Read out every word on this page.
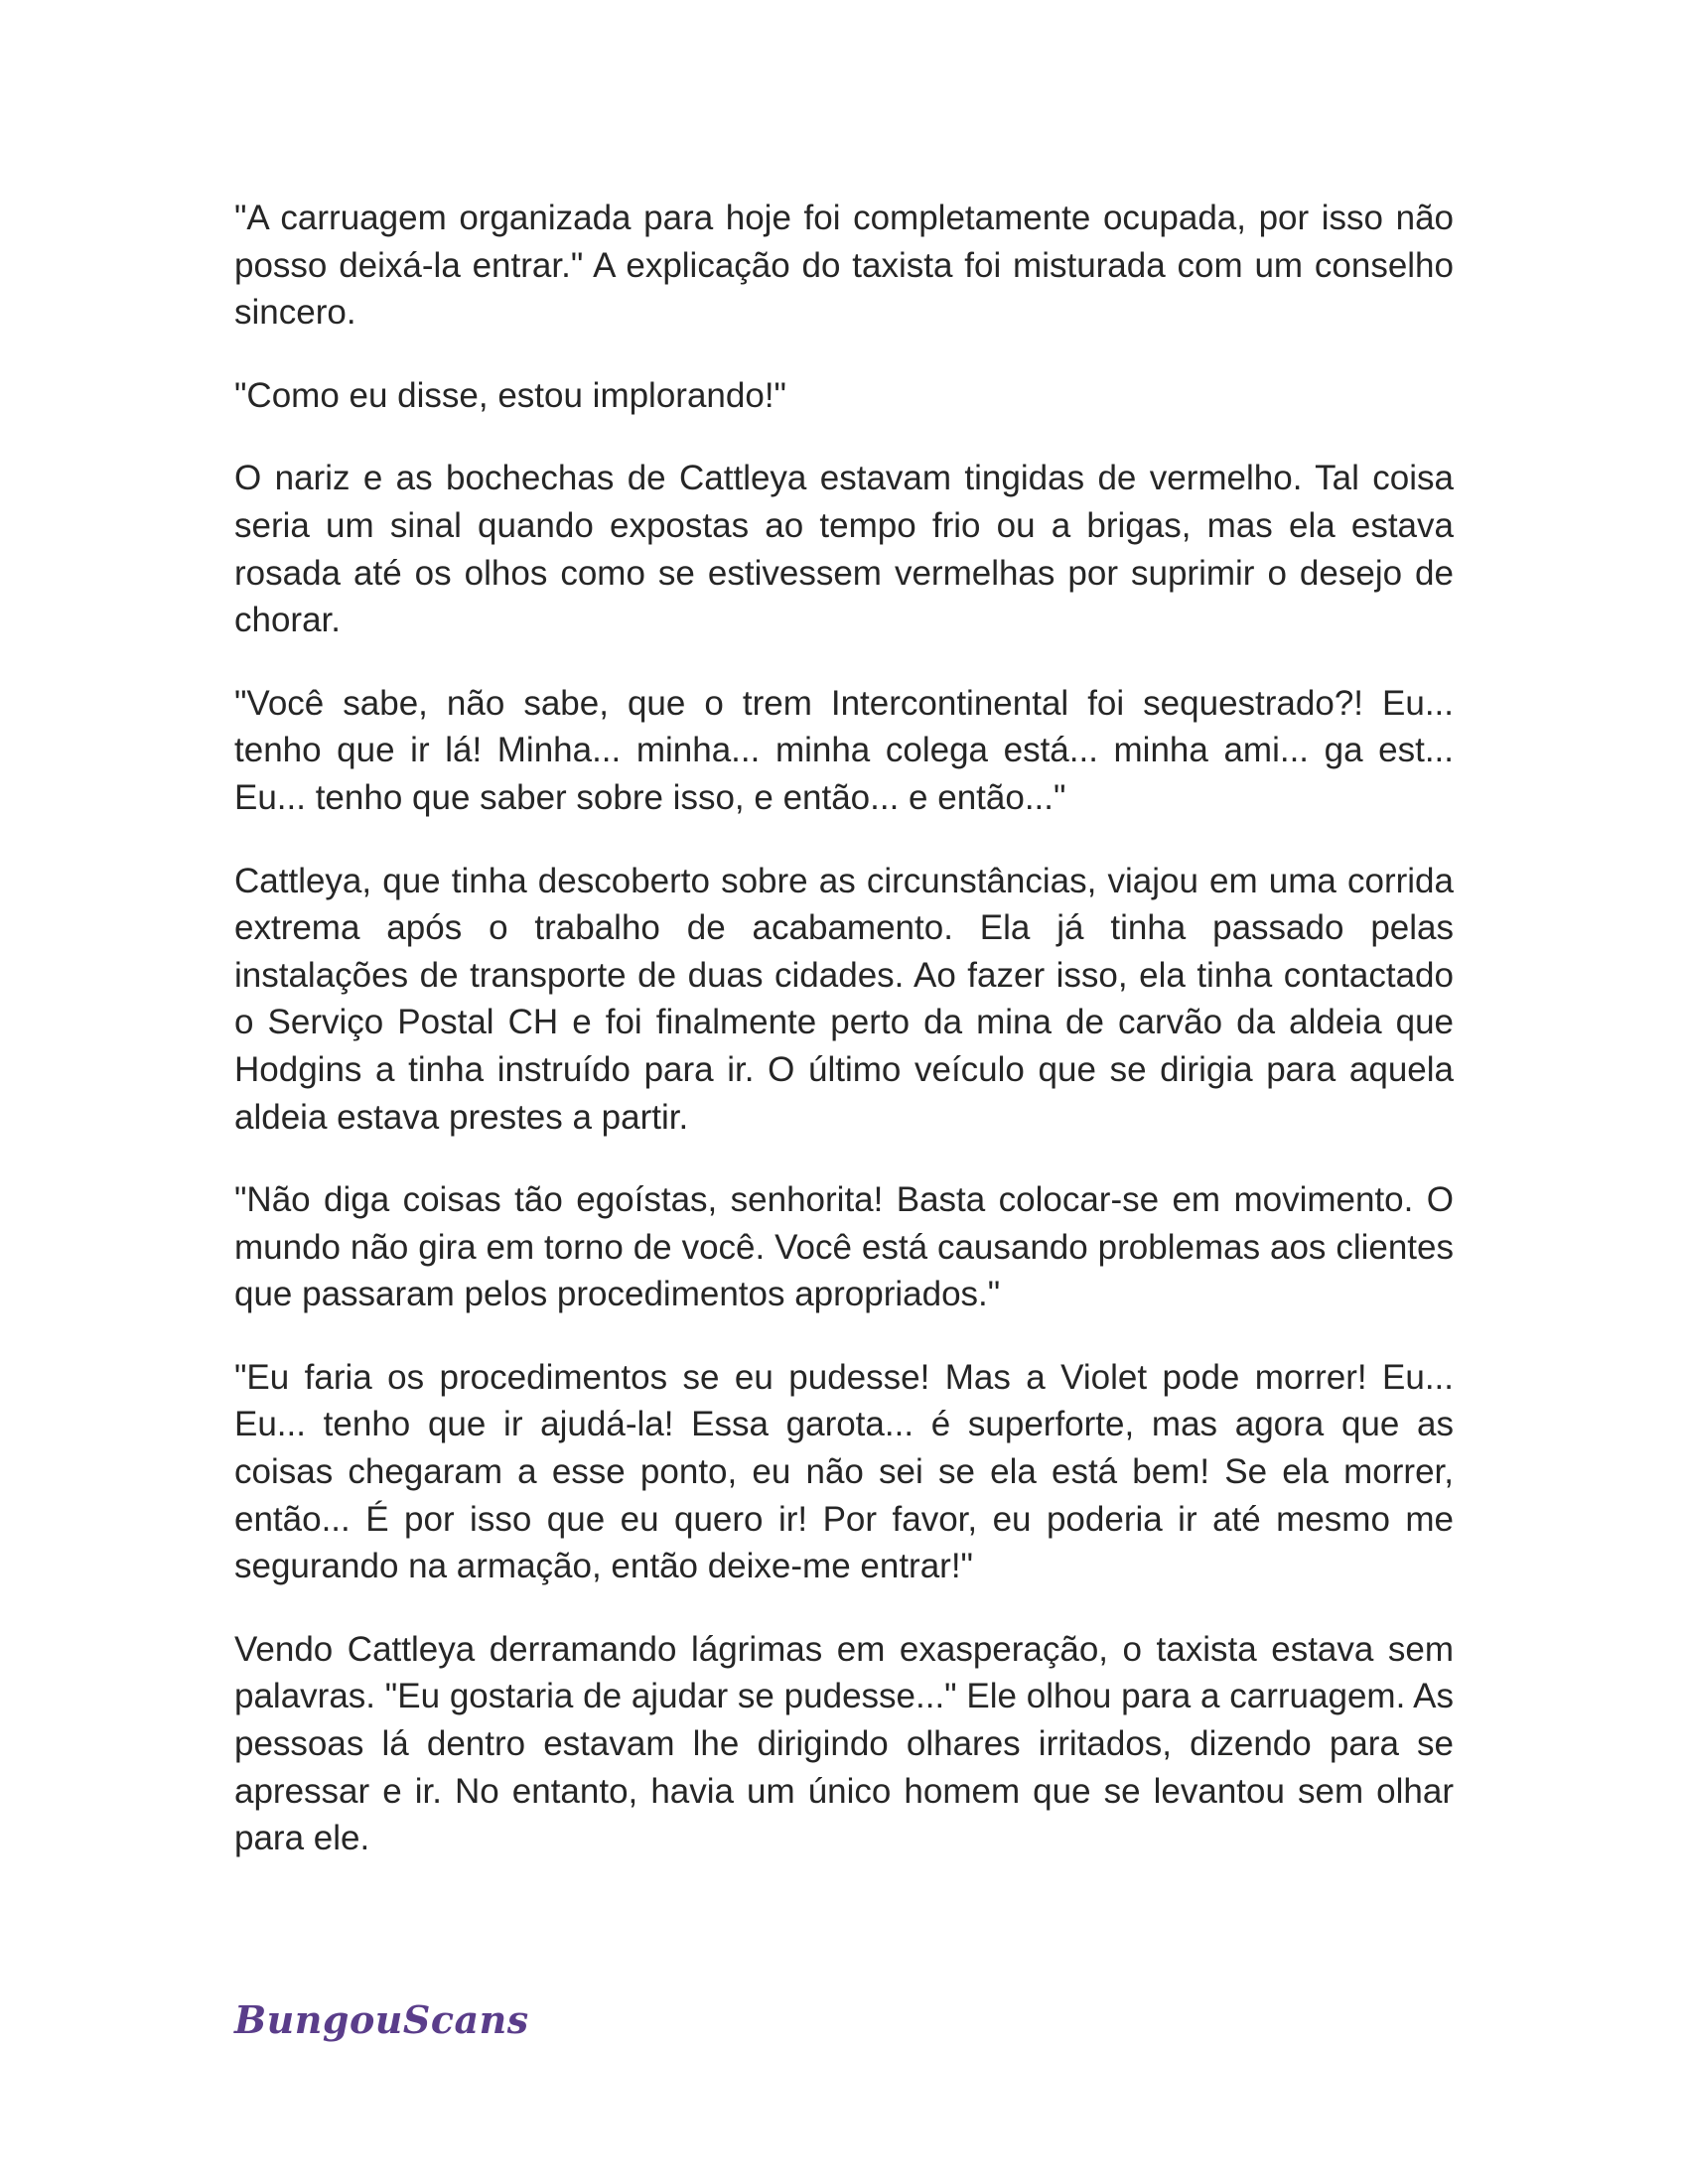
"A carruagem organizada para hoje foi completamente ocupada, por isso não posso deixá-la entrar." A explicação do taxista foi misturada com um conselho sincero.

"Como eu disse, estou implorando!"

O nariz e as bochechas de Cattleya estavam tingidas de vermelho. Tal coisa seria um sinal quando expostas ao tempo frio ou a brigas, mas ela estava rosada até os olhos como se estivessem vermelhas por suprimir o desejo de chorar.

"Você sabe, não sabe, que o trem Intercontinental foi sequestrado?! Eu... tenho que ir lá! Minha... minha... minha colega está... minha ami... ga est... Eu... tenho que saber sobre isso, e então... e então..."

Cattleya, que tinha descoberto sobre as circunstâncias, viajou em uma corrida extrema após o trabalho de acabamento. Ela já tinha passado pelas instalações de transporte de duas cidades. Ao fazer isso, ela tinha contactado o Serviço Postal CH e foi finalmente perto da mina de carvão da aldeia que Hodgins a tinha instruído para ir. O último veículo que se dirigia para aquela aldeia estava prestes a partir.

"Não diga coisas tão egoístas, senhorita! Basta colocar-se em movimento. O mundo não gira em torno de você. Você está causando problemas aos clientes que passaram pelos procedimentos apropriados."

"Eu faria os procedimentos se eu pudesse! Mas a Violet pode morrer! Eu... Eu... tenho que ir ajudá-la! Essa garota... é superforte, mas agora que as coisas chegaram a esse ponto, eu não sei se ela está bem! Se ela morrer, então... É por isso que eu quero ir! Por favor, eu poderia ir até mesmo me segurando na armação, então deixe-me entrar!"

Vendo Cattleya derramando lágrimas em exasperação, o taxista estava sem palavras. "Eu gostaria de ajudar se pudesse..." Ele olhou para a carruagem. As pessoas lá dentro estavam lhe dirigindo olhares irritados, dizendo para se apressar e ir. No entanto, havia um único homem que se levantou sem olhar para ele.

BungouScans
